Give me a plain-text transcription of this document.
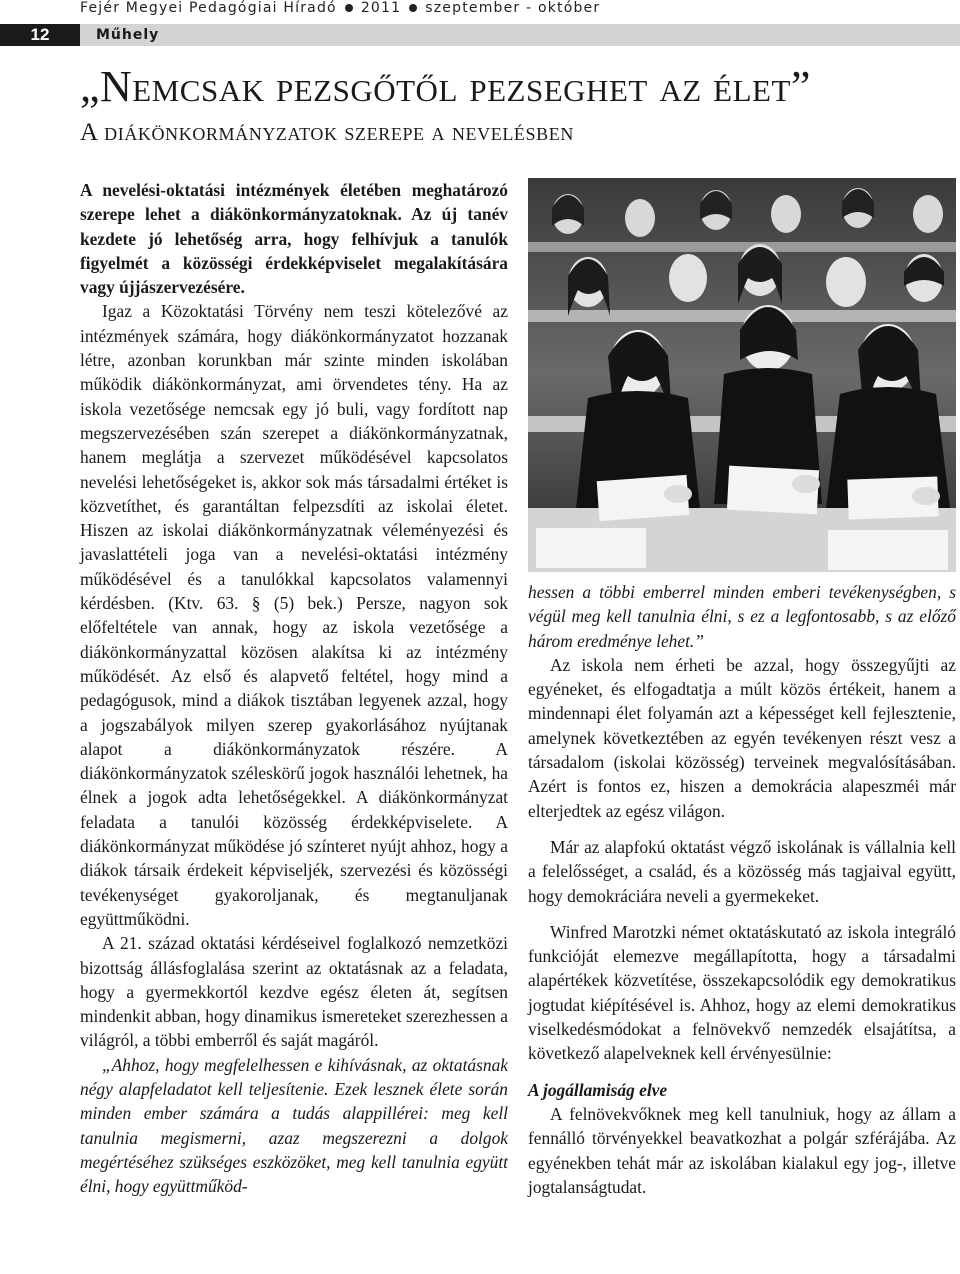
Fejér Megyei Pedagógiai Híradó 2011 szeptember - október
12	Műhely
„Nemcsak pezsgőtől pezseghet az élet”
A diákönkormányzatok szerepe a nevelésben

A nevelési-oktatási intézmények életében meghatározó szerepe lehet a diákönkormányzatoknak. Az új tanév kezdete jó lehetőség arra, hogy felhívjuk a tanulók figyelmét a közösségi érdekképviselet megalakítására vagy újjászervezésére.

Igaz a Közoktatási Törvény nem teszi kötelezővé az intézmények számára, hogy diákönkormányzatot hozzanak létre, azonban korunkban már szinte minden iskolában működik diákönkormányzat, ami örvendetes tény. Ha az iskola vezetősége nemcsak egy jó buli, vagy fordított nap megszervezésében szán szerepet a diákönkormányzatnak, hanem meglátja a szervezet működésével kapcsolatos nevelési lehetőségeket is, akkor sok más társadalmi értéket is közvetíthet, és garantáltan felpezsdíti az iskolai életet. Hiszen az iskolai diákönkormányzatnak véleményezési és javaslattételi joga van a nevelési-oktatási intézmény működésével és a tanulókkal kapcsolatos valamennyi kérdésben. (Ktv. 63. § (5) bek.) Persze, nagyon sok előfeltétele van annak, hogy az iskola vezetősége a diákönkormányzattal közösen alakítsa ki az intézmény működését. Az első és alapvető feltétel, hogy mind a pedagógusok, mind a diákok tisztában legyenek azzal, hogy a jogszabályok milyen szerep gyakorlásához nyújtanak alapot a diákönkormányzatok részére. A diákönkormányzatok széleskörű jogok használói lehetnek, ha élnek a jogok adta lehetőségekkel. A diákönkormányzat feladata a tanulói közösség érdekképviselete. A diákönkormányzat működése jó színteret nyújt ahhoz, hogy a diákok társaik érdekeit képviseljék, szervezési és közösségi tevékenységet gyakoroljanak, és megtanuljanak együttműködni.

A 21. század oktatási kérdéseivel foglalkozó nemzetközi bizottság állásfoglalása szerint az oktatásnak az a feladata, hogy a gyermekkortól kezdve egész életen át, segítsen mindenkit abban, hogy dinamikus ismereteket szerezhessen a világról, a többi emberről és saját magáról.

„Ahhoz, hogy megfelelhessen e kihívásnak, az oktatásnak négy alapfeladatot kell teljesítenie. Ezek lesznek élete során minden ember számára a tudás alappillérei: meg kell tanulnia megismerni, azaz megszerezni a dolgok megértéséhez szükséges eszközöket, meg kell tanulnia együtt élni, hogy együttműköd-

hessen a többi emberrel minden emberi tevékenységben, s végül meg kell tanulnia élni, s ez a legfontosabb, s az előző három eredménye lehet.”

Az iskola nem érheti be azzal, hogy összegyűjti az egyéneket, és elfogadtatja a múlt közös értékeit, hanem a mindennapi élet folyamán azt a képességet kell fejlesztenie, amelynek következtében az egyén tevékenyen részt vesz a társadalom (iskolai közösség) terveinek megvalósításában. Azért is fontos ez, hiszen a demokrácia alapeszméi már elterjedtek az egész világon.

Már az alapfokú oktatást végző iskolának is vállalnia kell a felelősséget, a család, és a közösség más tagjaival együtt, hogy demokráciára neveli a gyermekeket.

Winfred Marotzki német oktatáskutató az iskola integráló funkcióját elemezve megállapította, hogy a társadalmi alapértékek közvetítése, összekapcsolódik egy demokratikus jogtudat kiépítésével is. Ahhoz, hogy az elemi demokratikus viselkedésmódokat a felnövekvő nemzedék elsajátítsa, a következő alapelveknek kell érvényesülnie:

A jogállamiság elve

A felnövekvőknek meg kell tanulniuk, hogy az állam a fennálló törvényekkel beavatkozhat a polgár szférájába. Az egyénekben tehát már az iskolában kialakul egy jog-, illetve jogtalanságtudat.
